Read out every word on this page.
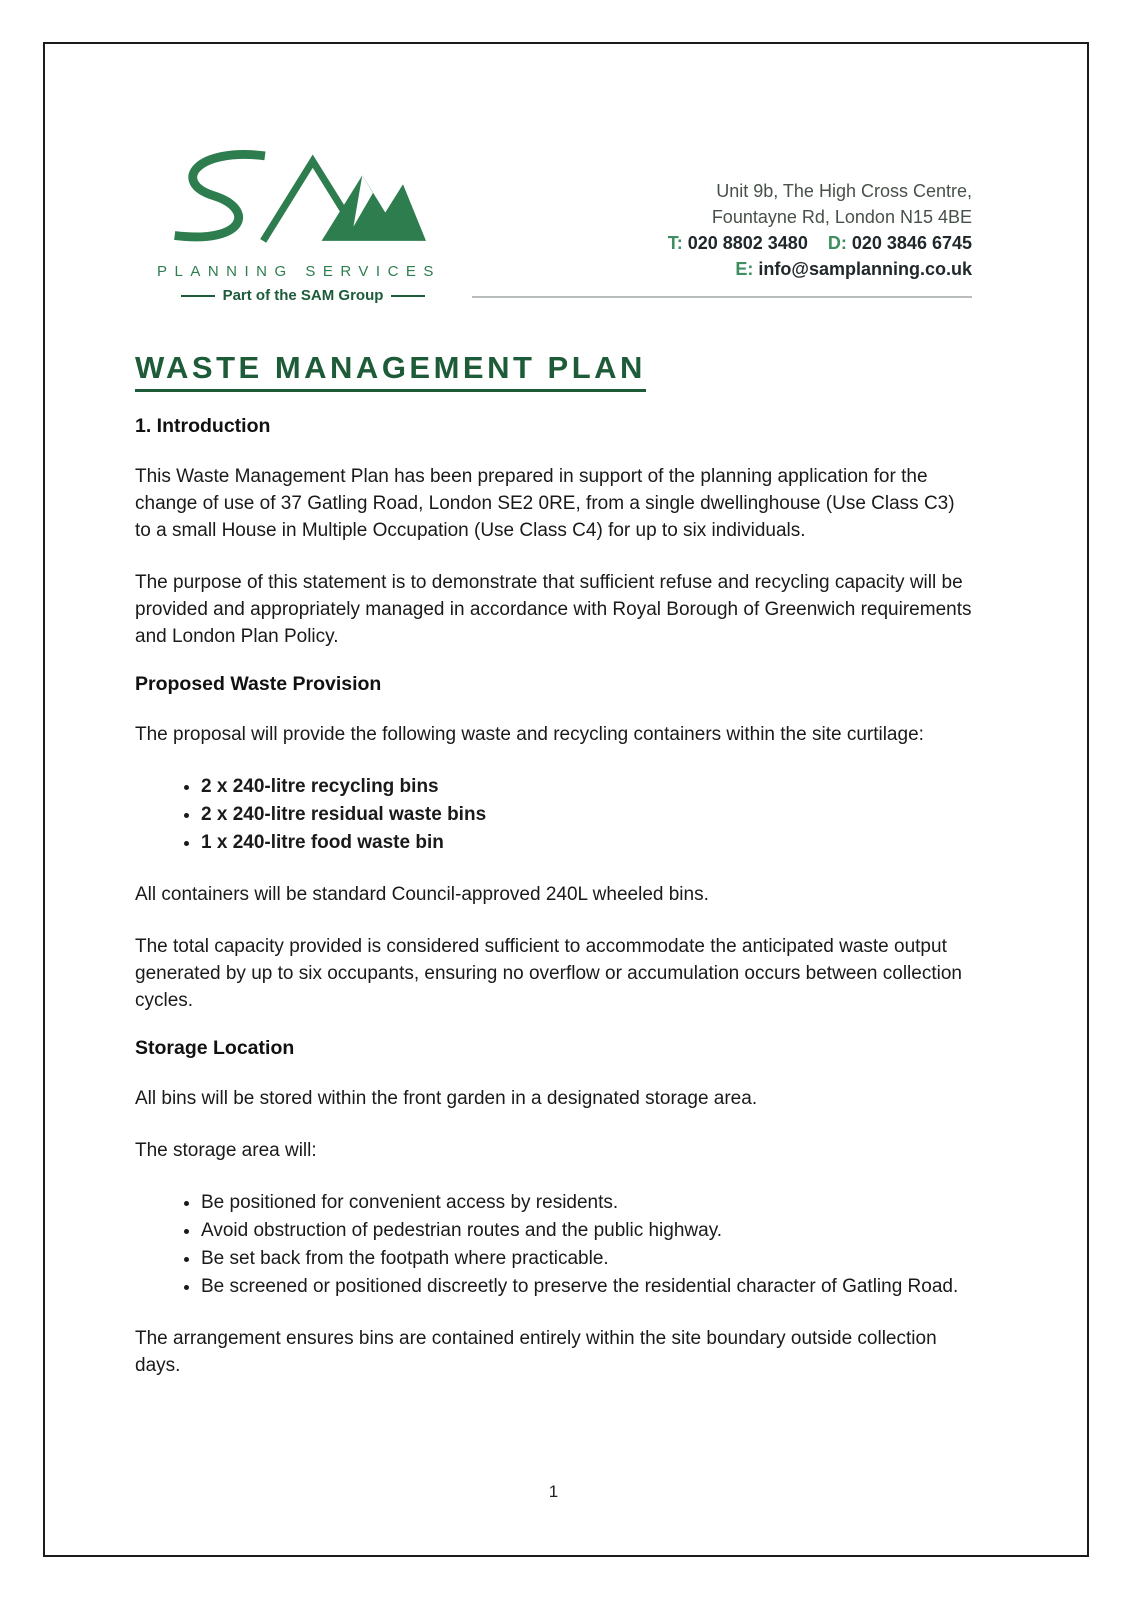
PLANNING SERVICES
Part of the SAM Group
Unit 9b, The High Cross Centre,
Fountayne Rd, London N15 4BE
T: 020 8802 3480 D: 020 3846 6745
E: info@samplanning.co.uk
WASTE MANAGEMENT PLAN
1. Introduction

This Waste Management Plan has been prepared in support of the planning application for the change of use of 37 Gatling Road, London SE2 0RE, from a single dwellinghouse (Use Class C3) to a small House in Multiple Occupation (Use Class C4) for up to six individuals.

The purpose of this statement is to demonstrate that sufficient refuse and recycling capacity will be provided and appropriately managed in accordance with Royal Borough of Greenwich requirements and London Plan Policy.

Proposed Waste Provision

The proposal will provide the following waste and recycling containers within the site curtilage:

• 2 x 240-litre recycling bins
• 2 x 240-litre residual waste bins
• 1 x 240-litre food waste bin

All containers will be standard Council-approved 240L wheeled bins.

The total capacity provided is considered sufficient to accommodate the anticipated waste output generated by up to six occupants, ensuring no overflow or accumulation occurs between collection cycles.

Storage Location

All bins will be stored within the front garden in a designated storage area.

The storage area will:

• Be positioned for convenient access by residents.
• Avoid obstruction of pedestrian routes and the public highway.
• Be set back from the footpath where practicable.
• Be screened or positioned discreetly to preserve the residential character of Gatling Road.

The arrangement ensures bins are contained entirely within the site boundary outside collection days.

1
